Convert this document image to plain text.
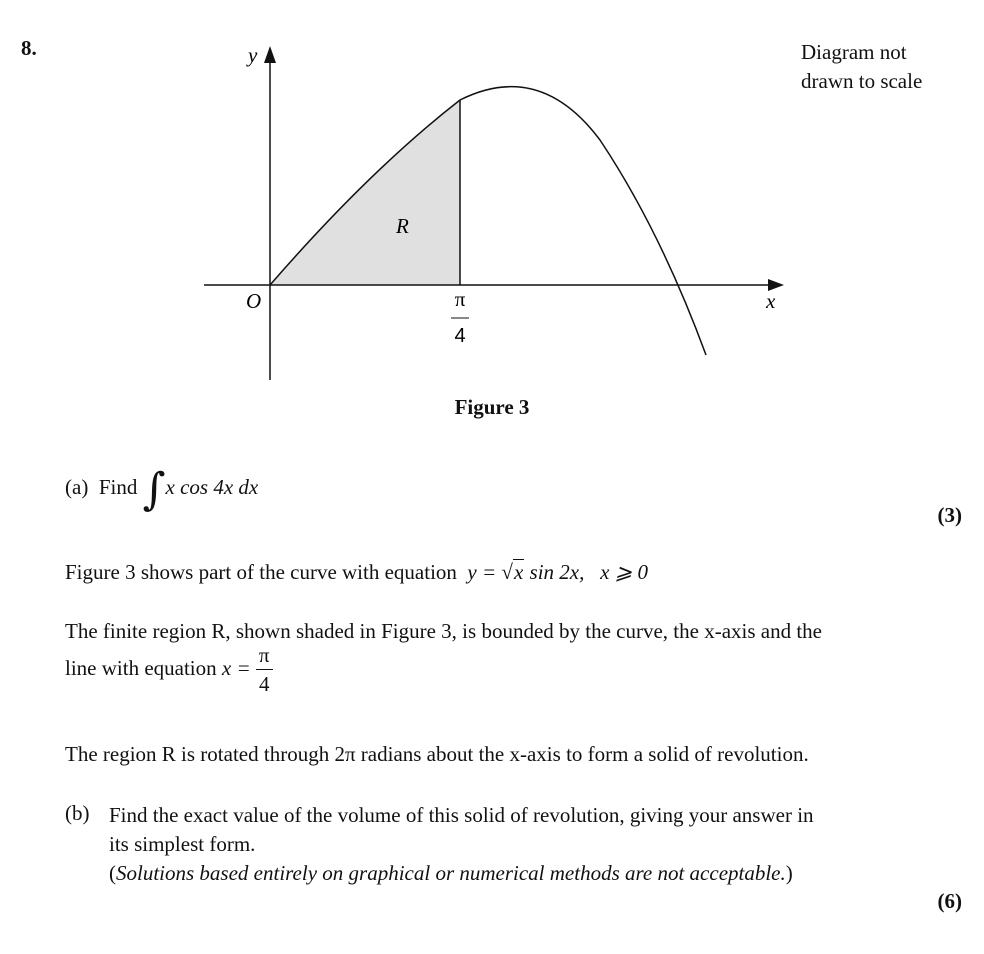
8.	Diagram not
drawn to scale
y
x
O
R
π
4
Figure 3
(a) Find ∫x cos 4x dx
(3)
Figure 3 shows part of the curve with equation y = √x sin 2x, x ⩾ 0
The finite region R, shown shaded in Figure 3, is bounded by the curve, the x-axis and the
line with equation $x = \frac{\pi}{4}$
The region R is rotated through 2π radians about the x-axis to form a solid of revolution.
(b) Find the exact value of the volume of this solid of revolution, giving your answer in
its simplest form.
(Solutions based entirely on graphical or numerical methods are not acceptable.)
(6)
